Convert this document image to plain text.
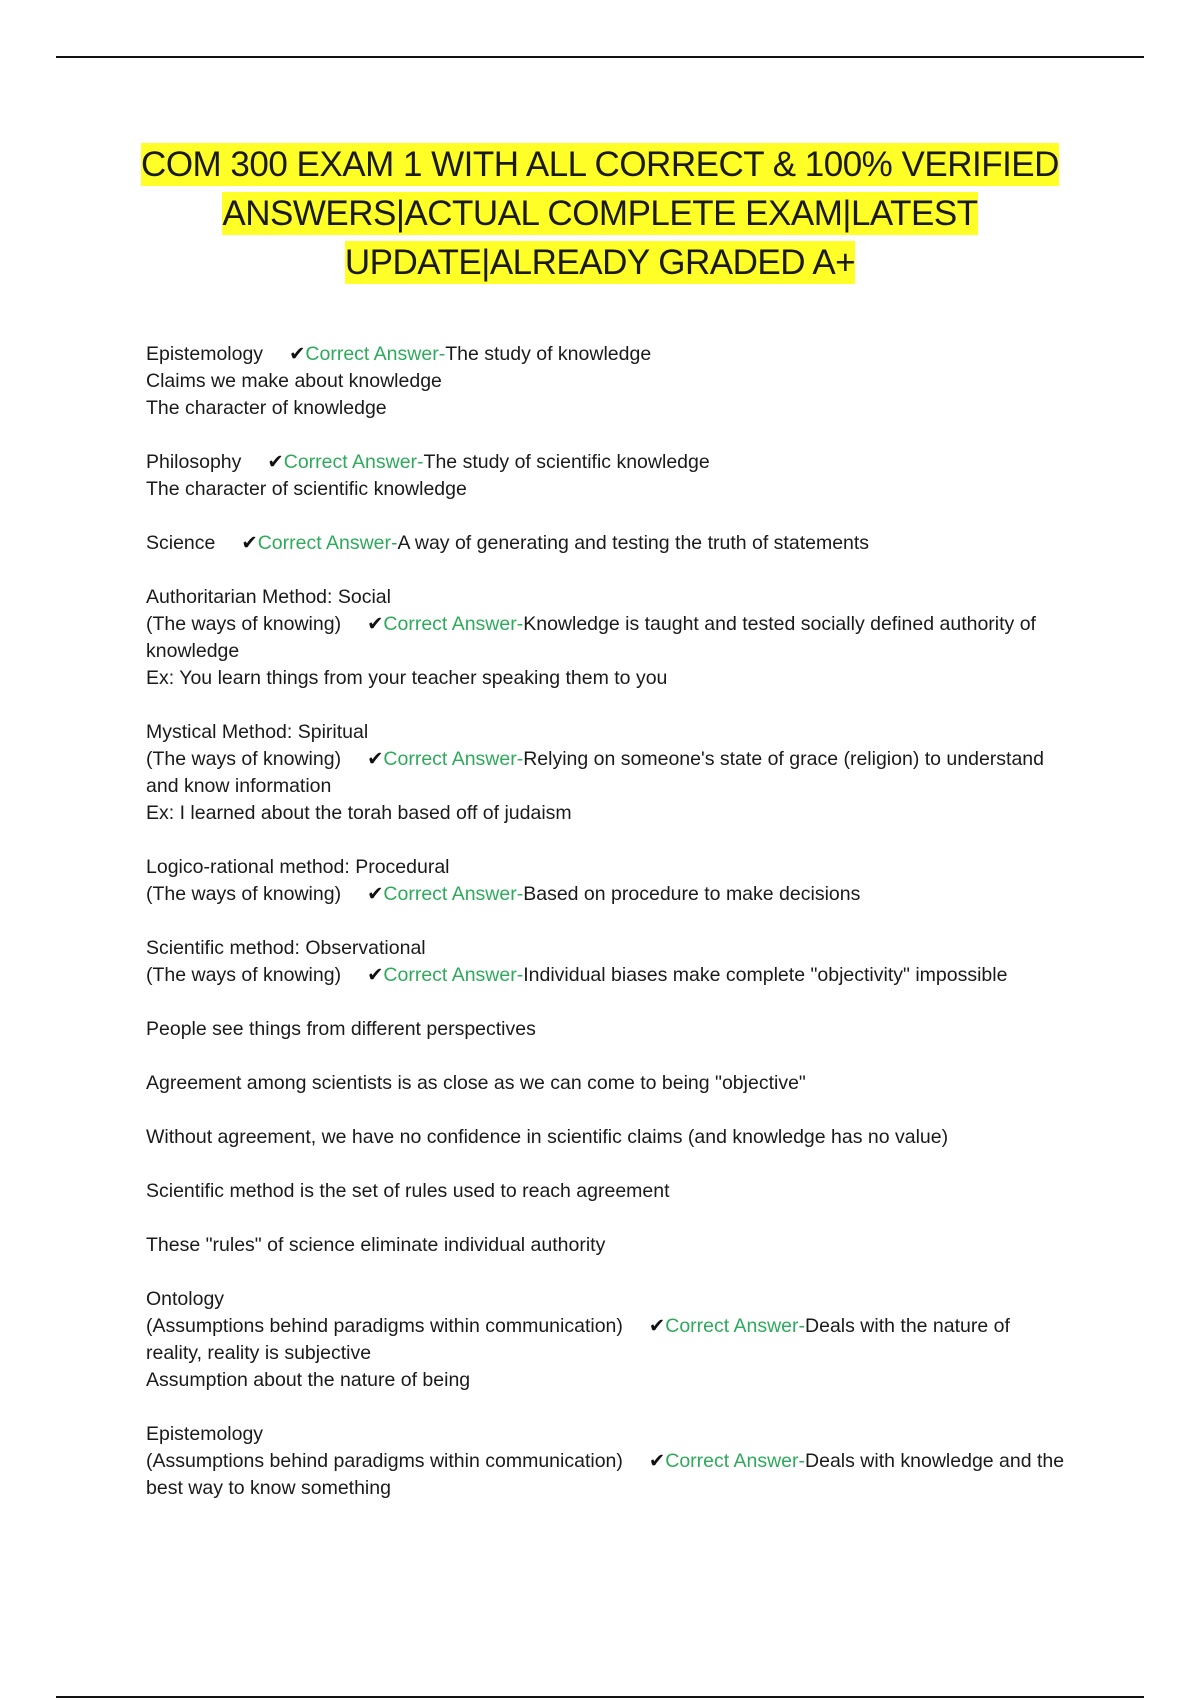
COM 300 EXAM 1 WITH ALL CORRECT & 100% VERIFIED ANSWERS|ACTUAL COMPLETE EXAM|LATEST UPDATE|ALREADY GRADED A+
Epistemology ✔Correct Answer-The study of knowledge
Claims we make about knowledge
The character of knowledge
Philosophy ✔Correct Answer-The study of scientific knowledge
The character of scientific knowledge
Science ✔Correct Answer-A way of generating and testing the truth of statements
Authoritarian Method: Social
(The ways of knowing) ✔Correct Answer-Knowledge is taught and tested socially defined authority of knowledge
Ex: You learn things from your teacher speaking them to you
Mystical Method: Spiritual
(The ways of knowing) ✔Correct Answer-Relying on someone's state of grace (religion) to understand and know information
Ex: I learned about the torah based off of judaism
Logico-rational method: Procedural
(The ways of knowing) ✔Correct Answer-Based on procedure to make decisions
Scientific method: Observational
(The ways of knowing) ✔Correct Answer-Individual biases make complete "objectivity" impossible
People see things from different perspectives
Agreement among scientists is as close as we can come to being "objective"
Without agreement, we have no confidence in scientific claims (and knowledge has no value)
Scientific method is the set of rules used to reach agreement
These "rules" of science eliminate individual authority
Ontology
(Assumptions behind paradigms within communication) ✔Correct Answer-Deals with the nature of reality, reality is subjective
Assumption about the nature of being
Epistemology
(Assumptions behind paradigms within communication) ✔Correct Answer-Deals with knowledge and the best way to know something
